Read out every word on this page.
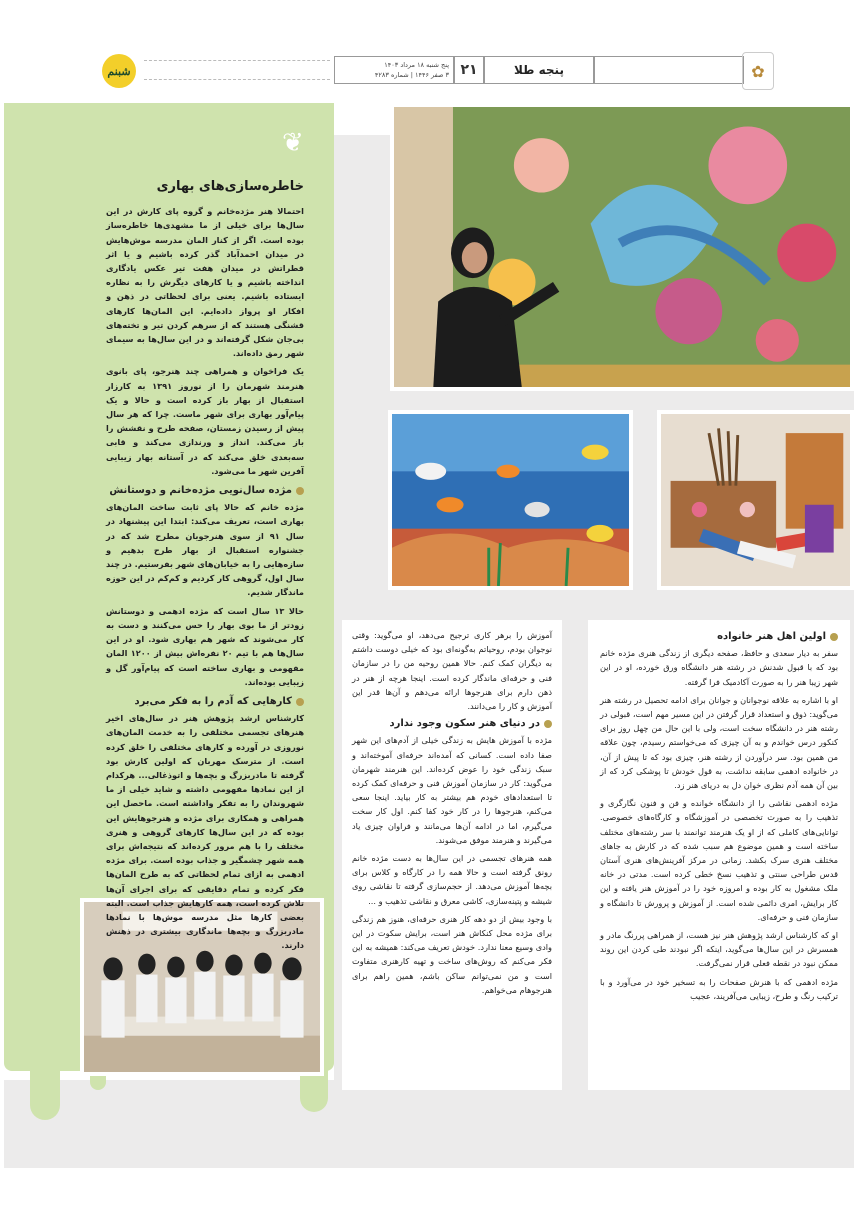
شبنم	پنج شنبه ۱۸ مرداد ۱۴۰۳
۳ صفر ۱۴۴۶ | شماره ۴۲۸۳ ۲۱	پنجه طلا	✿
❦
خاطره‌سازی‌های بهاری

احتمالا هنر مژده‌خانم و گروه پای کارش در این سال‌ها برای خیلی از ما مشهدی‌ها خاطره‌ساز بوده است. اگر از کنار المان مدرسه موش‌هایش در میدان احمدآباد گذر کرده باشیم و یا اثر قطراتش در میدان هفت تیر عکس یادگاری انداخته باشیم و یا کارهای دیگرش را به نظاره ایستاده باشیم. یعنی برای لحظاتی در ذهن و افکار او پرواز داده‌ایم. این المان‌ها کارهای قشنگی هستند که از سرهم کردن تیر و تخته‌های بی‌جان شکل گرفته‌اند و در این سال‌ها به سیمای شهر رمق داده‌اند.

یک فراخوان و همراهی چند هنرجو، پای بانوی هنرمند شهرمان را از نوروز ۱۳۹۱ به کارزار استقبال از بهار باز کرده است و حالا و یک پیام‌آور بهاری برای شهر ماست. چرا که هر سال پیش از رسیدن زمستان، صفحه طرح و نقشش را باز می‌کند. انداز و ورندازی می‌کند و قابی سه‌بعدی خلق می‌کند که در آستانه بهار زیبایی آفرین شهر ما می‌شود.

مژده سال‌نویی مژده‌خانم و دوستانش

مژده خانم که حالا پای ثابت ساخت المان‌های بهاری است، تعریف می‌کند: ابتدا این پیشنهاد در سال ۹۱ از سوی هنرجویان مطرح شد که در جشنواره استقبال از بهار طرح بدهیم و سازه‌هایی را به خیابان‌های شهر بفرستیم. در چند سال اول، گروهی کار کردیم و کم‌کم در این حوزه ماندگار شدیم.

حالا ۱۳ سال است که مژده ادهمی و دوستانش زودتر از ما بوی بهار را حس می‌کنند و دست به کار می‌شوند که شهر هم بهاری شود. او در این سال‌ها هم با تیم ۲۰ نفره‌اش بیش از ۱۲۰۰ المان مفهومی و بهاری ساخته است که پیام‌آور گل و زیبایی بوده‌اند.

کارهایی که آدم را به فکر می‌برد

کارشناس ارشد پژوهش هنر در سال‌های اخیر هنرهای تجسمی مختلفی را به خدمت المان‌های نوروزی در آورده و کارهای مختلفی را خلق کرده است. از مترسک مهربان که اولین کارش بود گرفته تا مادربزرگ و بچه‌ها و اتوذغالی... هرکدام از این نمادها مفهومی داشته و شاید خیلی از ما شهروندان را به تفکر واداشته است. ماحصل این همراهی و همکاری برای مژده و هنرجوهایش این بوده که در این سال‌ها کارهای گروهی و هنری مختلف را با هم مرور کرده‌اند که نتیجه‌اش برای همه شهر چشمگیر و جذاب بوده است. برای مژده ادهمی به ازای تمام لحظاتی که به طرح المان‌ها فکر کرده و تمام دقایقی که برای اجرای آن‌ها تلاش کرده است، همه کارهایش جذاب است. البته بعضی کارها مثل مدرسه موش‌ها با نمادها مادربزرگ و بچه‌ها ماندگاری بیشتری در ذهنش دارند.

آموزش را برهر کاری ترجیح می‌دهد، او می‌گوید: وقتی نوجوان بودم، روحیاتم به‌گونه‌ای بود که خیلی دوست داشتم به دیگران کمک کنم. حالا همین روحیه من را در سازمان فنی و حرفه‌ای ماندگار کرده است. اینجا هرچه از هنر در ذهن دارم برای هنرجوها ارائه می‌دهم و آن‌ها قدر این آموزش و کار را می‌دانند.

در دنیای هنر سکون وجود ندارد

مژده با آموزش هایش به زندگی خیلی از آدم‌های این شهر صفا داده است. کسانی که آمده‌اند حرفه‌ای آموخته‌اند و سبک زندگی خود را عوض کرده‌اند. این هنرمند شهرمان می‌گوید: کار در سازمان آموزش فنی و حرفه‌ای کمک کرده تا استعدادهای خودم هم بیشتر به کار بیاید. اینجا سعی می‌کنم، هنرجوها را در کار خود کفا کنم. اول کار سخت می‌گیرم، اما در ادامه آن‌ها می‌مانند و فراوان چیزی یاد می‌گیرند و هنرمند موفق می‌شوند.

همه هنرهای تجسمی در این سال‌ها به دست مژده خانم رونق گرفته است و حالا همه را در کارگاه و کلاس برای بچه‌ها آموزش می‌دهد. از حجم‌سازی گرفته تا نقاشی روی شیشه و پتینه‌سازی، کاشی معرق و نقاشی تذهیب و ...

با وجود بیش از دو دهه کار هنری حرفه‌ای، هنوز هم زندگی برای مژده محل کنکاش هنر است، برایش سکوت در این وادی وسیع معنا ندارد. خودش تعریف می‌کند: همیشه به این فکر می‌کنم که روش‌های ساخت و تهیه کارهنری متفاوت است و من نمی‌توانم ساکن باشم، همین راهم برای هنرجوهام می‌خواهم.

اولین اهل هنر خانواده

سفر به دیار سعدی و حافظ، صفحه دیگری از زندگی هنری مژده خانم بود که با قبول شدنش در رشته هنر دانشگاه ورق خورده، او در این شهر زیبا هنر را به صورت آکادمیک فرا گرفته.

او با اشاره به علاقه نوجوانان و جوانان برای ادامه تحصیل در رشته هنر می‌گوید: ذوق و استعداد قرار گرفتن در این مسیر مهم است، قبولی در رشته هنر در دانشگاه سخت است، ولی با این حال من چهل روز برای کنکور درس خواندم و به آن چیزی که می‌خواستم رسیدم، چون علاقه من همین بود. سر درآوردن از رشته هنر، چیزی بود که تا پیش از آن، در خانواده ادهمی سابقه نداشت، به قول خودش تا پوشکی کرد که از بین آن همه آدم نظری خوان دل به دریای هنر زد.

مژده ادهمی نقاشی را از دانشگاه خوانده و فن و فنون نگارگری و تذهیب را به صورت تخصصی در آموزشگاه و کارگاه‌های خصوصی. توانایی‌های کاملی که از او یک هنرمند توانمند با سر رشته‌های مختلف ساخته است و همین موضوع هم سبب شده که در کارش به جاهای مختلف هنری سرک بکشد. زمانی در مرکز آفرینش‌های هنری آستان قدس طراحی سنتی و تذهیب نسخ خطی کرده است. مدتی در خانه ملک مشغول به کار بوده و امروزه خود را در آموزش هنر یافته و این کار برایش، امری دائمی شده است. از آموزش و پرورش تا دانشگاه و سازمان فنی و حرفه‌ای.

او که کارشناس ارشد پژوهش هنر نیز هست، از همراهی پررنگ مادر و همسرش در این سال‌ها می‌گوید، اینکه اگر نبودند طی کردن این روند ممکن نبود در نقطه فعلی قرار نمی‌گرفت.

مژده ادهمی که با هنرش صفحات را به تسخیر خود در می‌آورد و با ترکیب رنگ و طرح، زیبایی می‌آفریند، عجیب
